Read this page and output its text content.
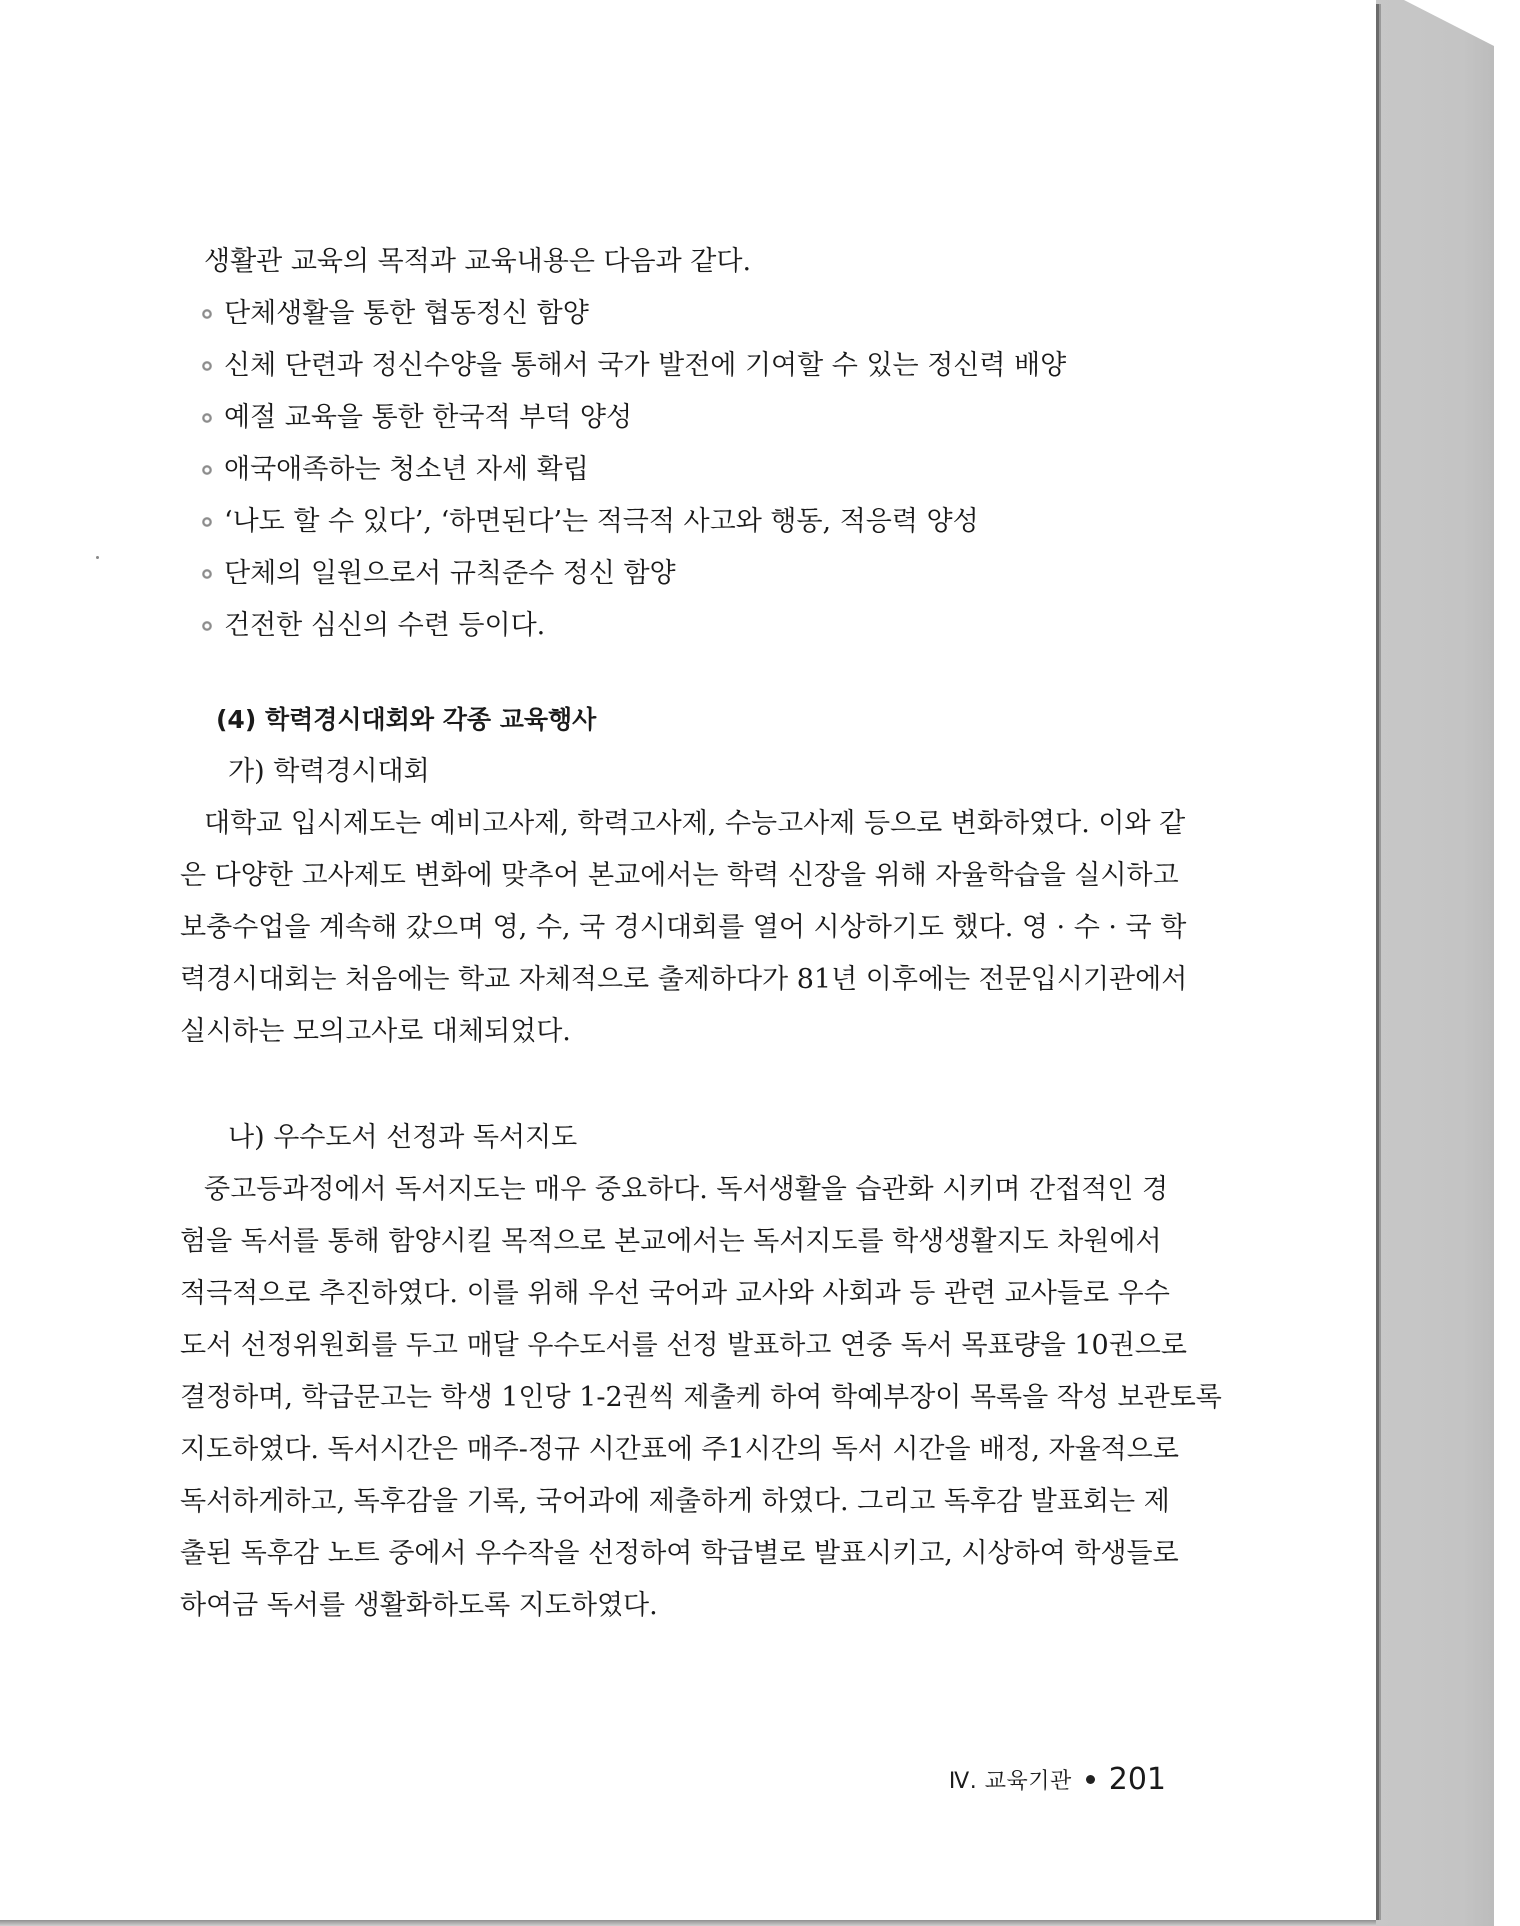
생활관 교육의 목적과 교육내용은 다음과 같다.

단체생활을 통한 협동정신 함양
신체 단련과 정신수양을 통해서 국가 발전에 기여할 수 있는 정신력 배양
예절 교육을 통한 한국적 부덕 양성
애국애족하는 청소년 자세 확립
‘나도 할 수 있다’, ‘하면된다’는 적극적 사고와 행동, 적응력 양성
단체의 일원으로서 규칙준수 정신 함양
건전한 심신의 수련 등이다.
(4) 학력경시대회와 각종 교육행사
가) 학력경시대회
대학교 입시제도는 예비고사제, 학력고사제, 수능고사제 등으로 변화하였다. 이와 같
은 다양한 고사제도 변화에 맞추어 본교에서는 학력 신장을 위해 자율학습을 실시하고
보충수업을 계속해 갔으며 영, 수, 국 경시대회를 열어 시상하기도 했다. 영 · 수 · 국 학
력경시대회는 처음에는 학교 자체적으로 출제하다가 81년 이후에는 전문입시기관에서
실시하는 모의고사로 대체되었다.
나) 우수도서 선정과 독서지도
중고등과정에서 독서지도는 매우 중요하다. 독서생활을 습관화 시키며 간접적인 경
험을 독서를 통해 함양시킬 목적으로 본교에서는 독서지도를 학생생활지도 차원에서
적극적으로 추진하였다. 이를 위해 우선 국어과 교사와 사회과 등 관련 교사들로 우수
도서 선정위원회를 두고 매달 우수도서를 선정 발표하고 연중 독서 목표량을 10권으로
결정하며, 학급문고는 학생 1인당 1-2권씩 제출케 하여 학예부장이 목록을 작성 보관토록
지도하였다. 독서시간은 매주-정규 시간표에 주1시간의 독서 시간을 배정, 자율적으로
독서하게하고, 독후감을 기록, 국어과에 제출하게 하였다. 그리고 독후감 발표회는 제
출된 독후감 노트 중에서 우수작을 선정하여 학급별로 발표시키고, 시상하여 학생들로
하여금 독서를 생활화하도록 지도하였다.
Ⅳ. 교육기관 201
